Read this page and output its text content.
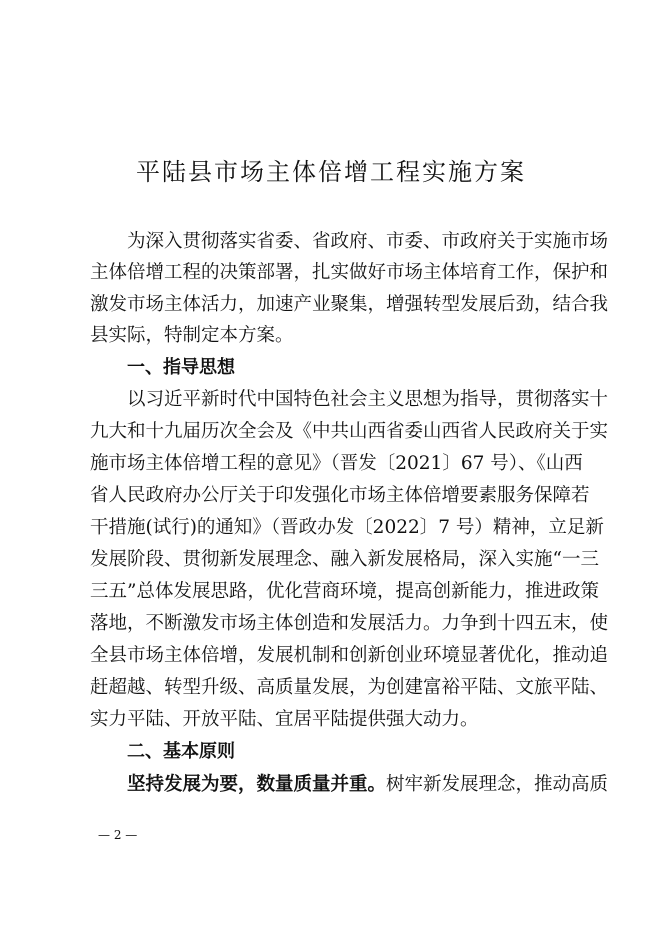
平陆县市场主体倍增工程实施方案
为深入贯彻落实省委、省政府、市委、市政府关于实施市场
主体倍增工程的决策部署，扎实做好市场主体培育工作，保护和
激发市场主体活力，加速产业聚集，增强转型发展后劲，结合我
县实际，特制定本方案。
一、指导思想
以习近平新时代中国特色社会主义思想为指导，贯彻落实十
九大和十九届历次全会及《中共山西省委山西省人民政府关于实
施市场主体倍增工程的意见》（晋发〔2021〕67 号）、《山西
省人民政府办公厅关于印发强化市场主体倍增要素服务保障若
干措施(试行)的通知》（晋政办发〔2022〕7 号）精神，立足新
发展阶段、贯彻新发展理念、融入新发展格局，深入实施“一三
三五”总体发展思路，优化营商环境，提高创新能力，推进政策
落地，不断激发市场主体创造和发展活力。力争到十四五末，使
全县市场主体倍增，发展机制和创新创业环境显著优化，推动追
赶超越、转型升级、高质量发展，为创建富裕平陆、文旅平陆、
实力平陆、开放平陆、宜居平陆提供强大动力。
二、基本原则
坚持发展为要，数量质量并重。树牢新发展理念，推动高质
— 2 —
